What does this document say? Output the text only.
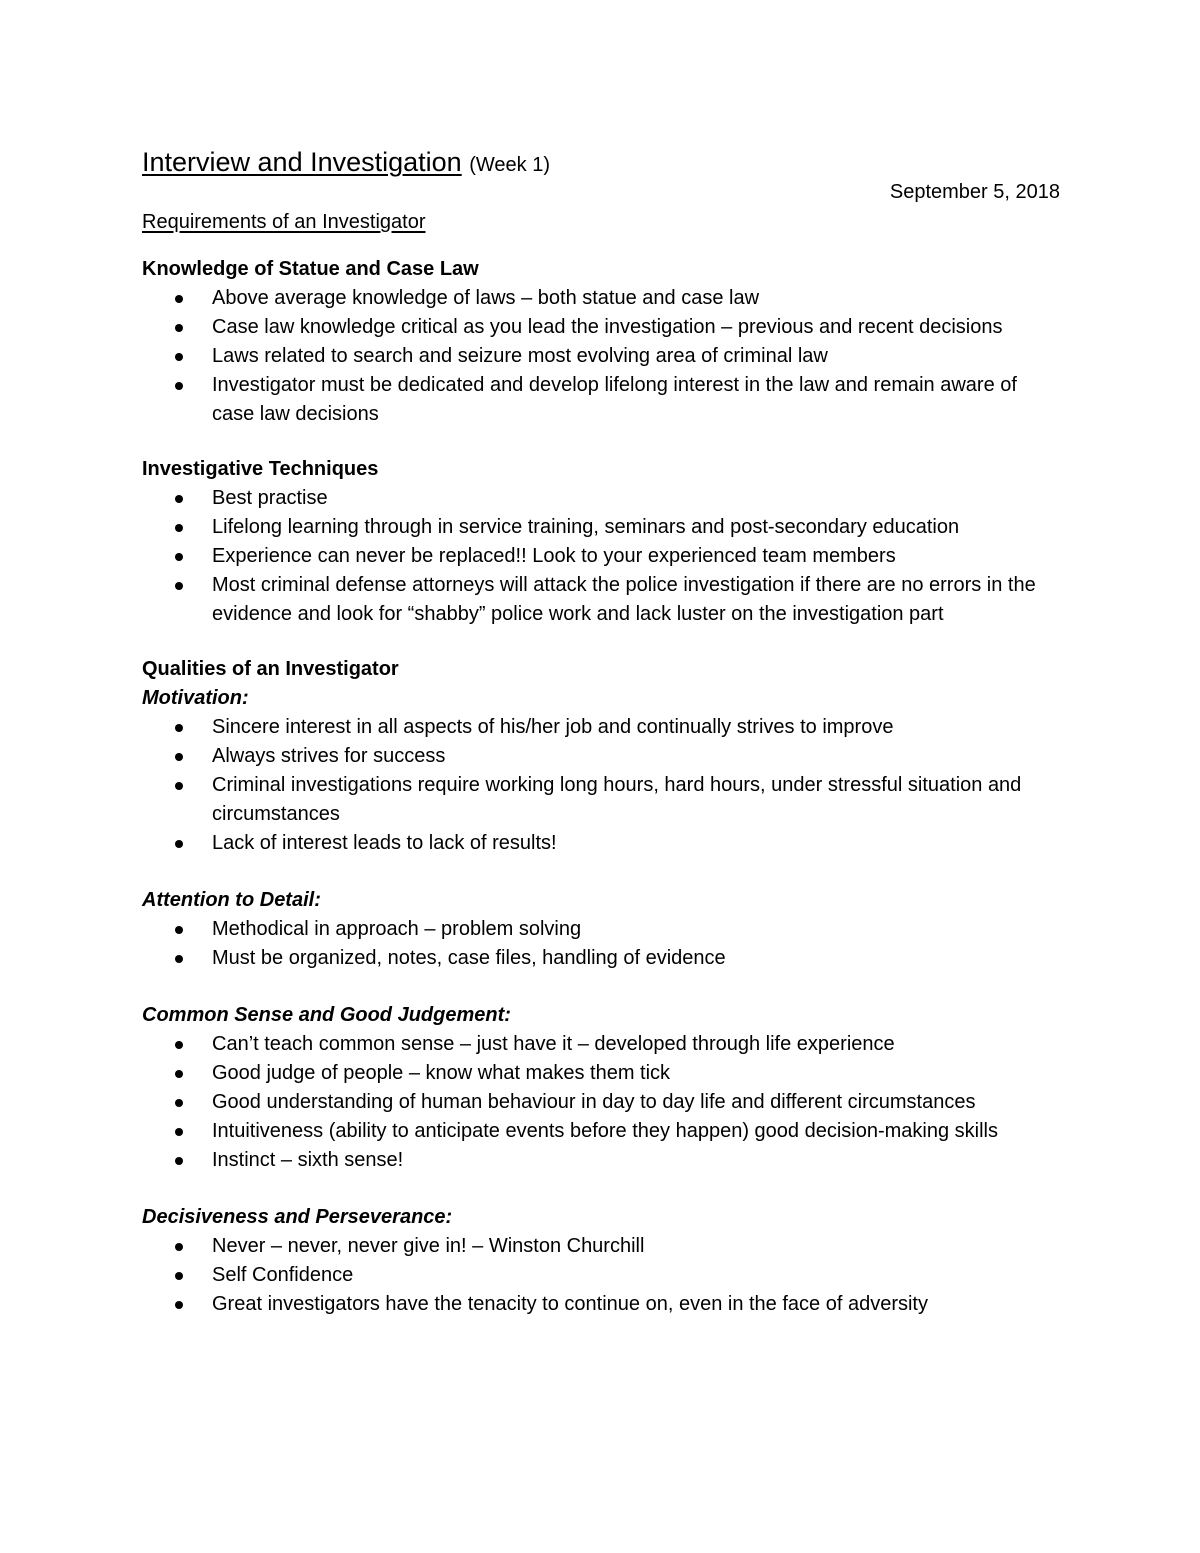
Interview and Investigation (Week 1)
September 5, 2018
Requirements of an Investigator
Knowledge of Statue and Case Law
Above average knowledge of laws – both statue and case law
Case law knowledge critical as you lead the investigation – previous and recent decisions
Laws related to search and seizure most evolving area of criminal law
Investigator must be dedicated and develop lifelong interest in the law and remain aware of case law decisions
Investigative Techniques
Best practise
Lifelong learning through in service training, seminars and post-secondary education
Experience can never be replaced!! Look to your experienced team members
Most criminal defense attorneys will attack the police investigation if there are no errors in the evidence and look for “shabby” police work and lack luster on the investigation part
Qualities of an Investigator
Motivation:
Sincere interest in all aspects of his/her job and continually strives to improve
Always strives for success
Criminal investigations require working long hours, hard hours, under stressful situation and circumstances
Lack of interest leads to lack of results!
Attention to Detail:
Methodical in approach – problem solving
Must be organized, notes, case files, handling of evidence
Common Sense and Good Judgement:
Can’t teach common sense – just have it – developed through life experience
Good judge of people – know what makes them tick
Good understanding of human behaviour in day to day life and different circumstances
Intuitiveness (ability to anticipate events before they happen) good decision-making skills
Instinct – sixth sense!
Decisiveness and Perseverance:
Never – never, never give in! – Winston Churchill
Self Confidence
Great investigators have the tenacity to continue on, even in the face of adversity
